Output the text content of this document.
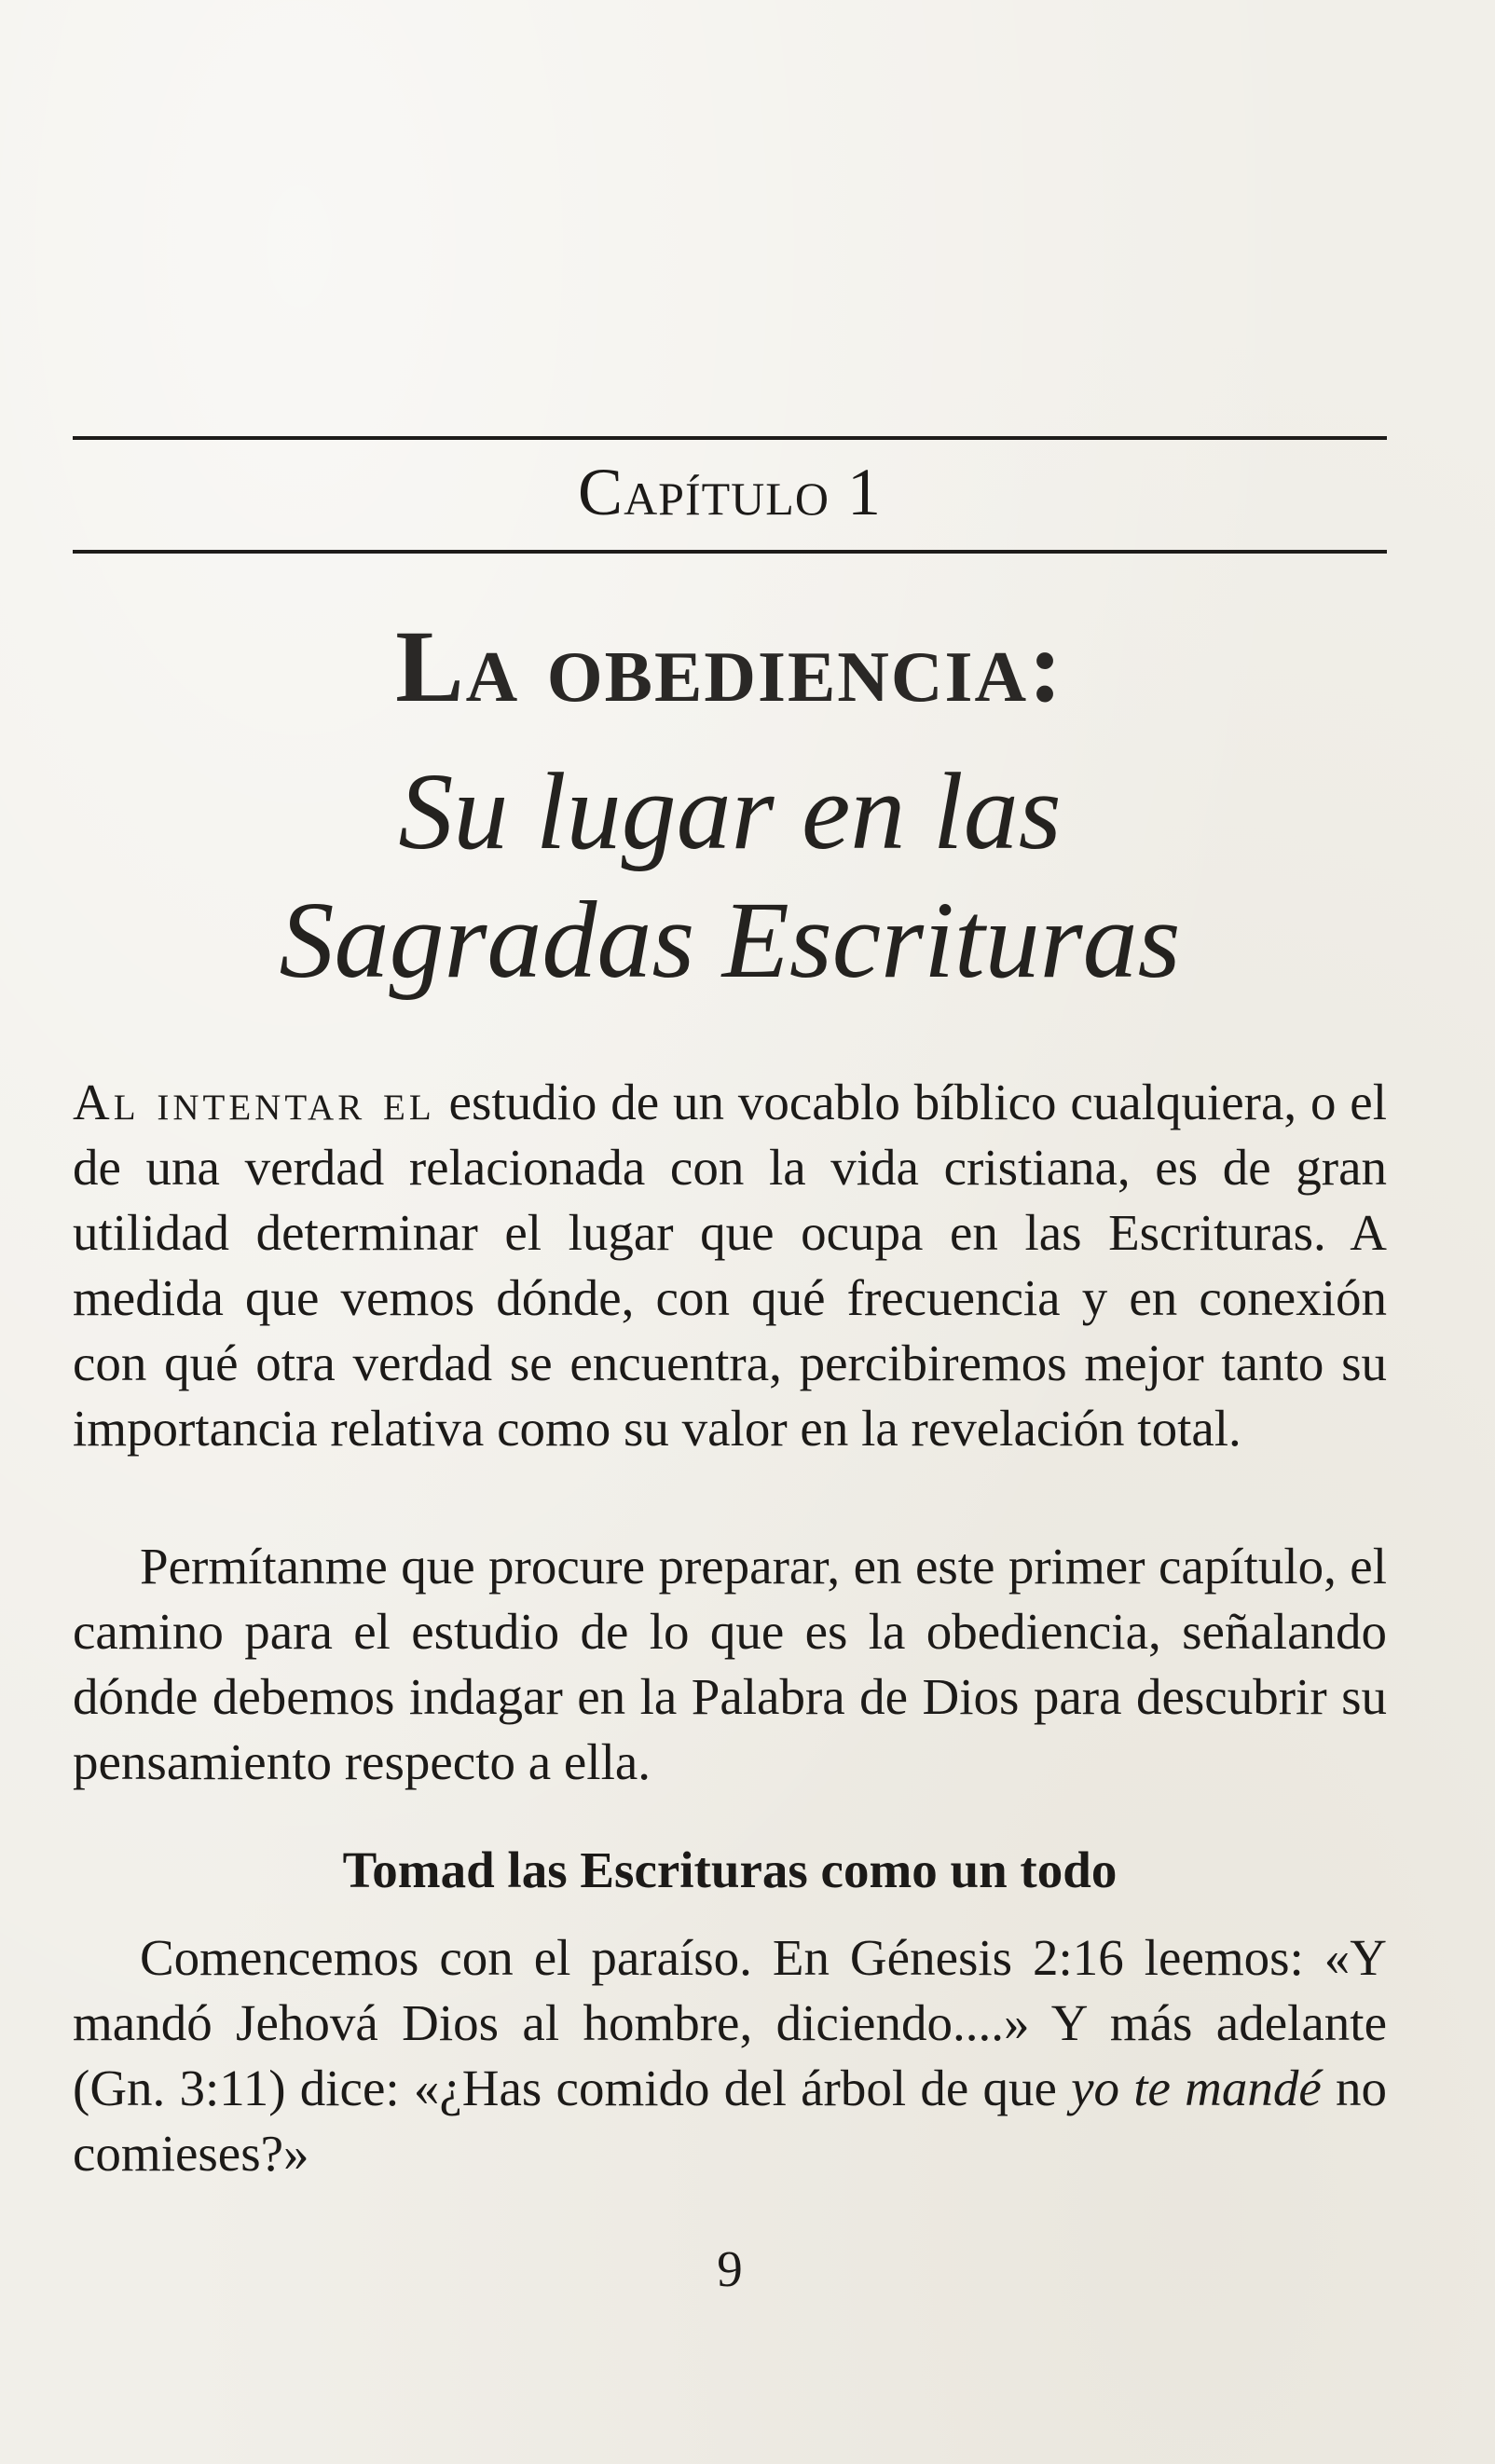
Capítulo 1
La obediencia:
Su lugar en las
Sagradas Escrituras

Al intentar el estudio de un vocablo bíblico cualquiera, o el de una verdad relacionada con la vida cristiana, es de gran utilidad determinar el lugar que ocupa en las Escrituras. A medida que vemos dónde, con qué frecuencia y en conexión con qué otra verdad se encuentra, percibiremos mejor tanto su importancia relativa como su valor en la revelación total.

Permítanme que procure preparar, en este primer capítulo, el camino para el estudio de lo que es la obediencia, señalando dónde debemos indagar en la Palabra de Dios para descubrir su pensamiento respecto a ella.

Tomad las Escrituras como un todo

Comencemos con el paraíso. En Génesis 2:16 leemos: «Y mandó Jehová Dios al hombre, diciendo....» Y más adelante (Gn. 3:11) dice: «¿Has comido del árbol de que yo te mandé no comieses?»

9
